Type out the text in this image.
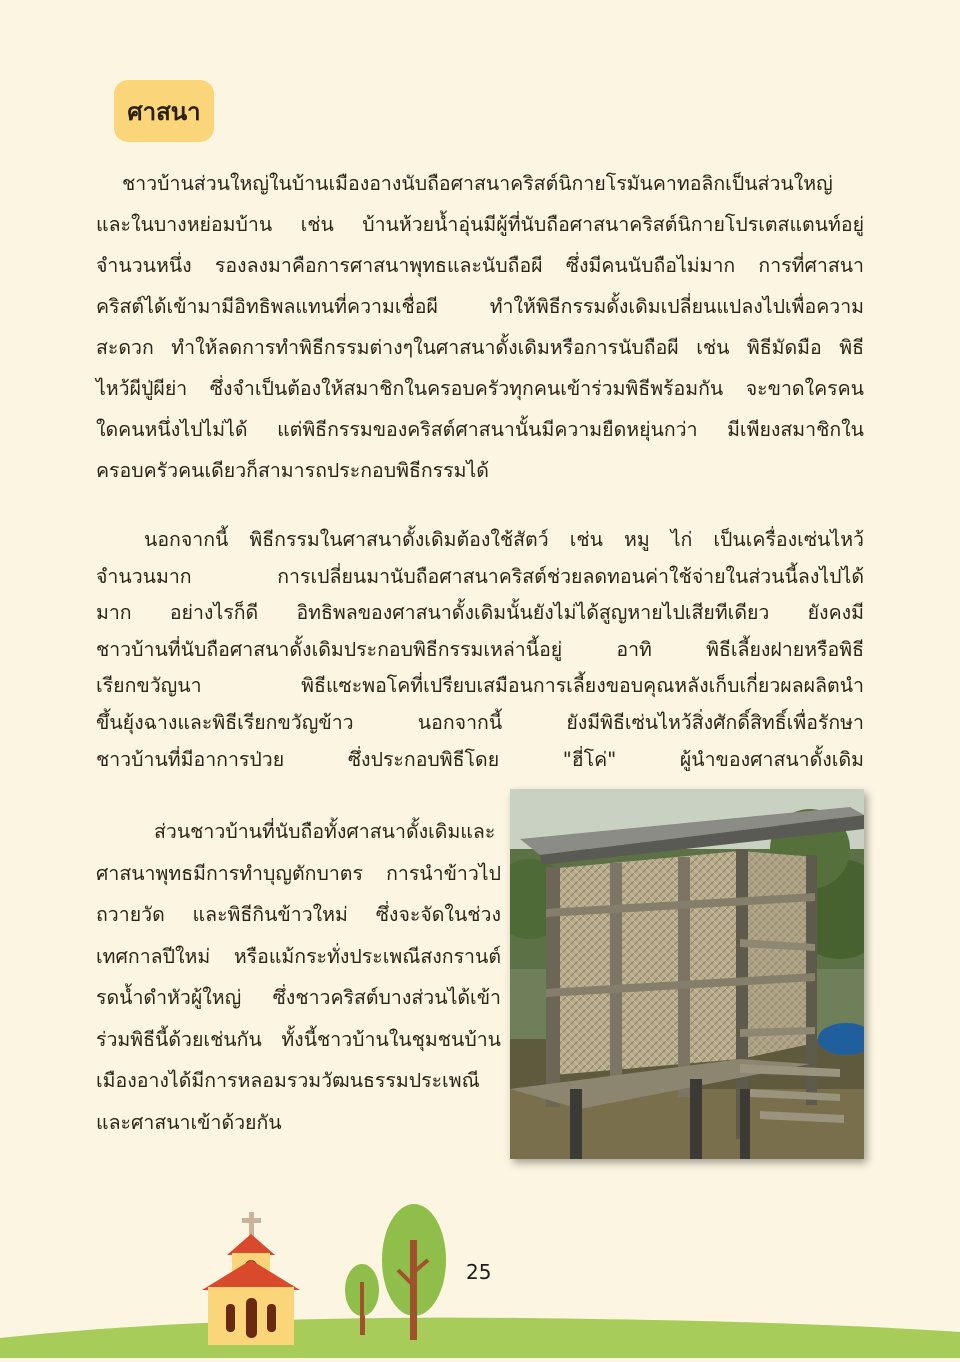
ศาสนา
ชาวบ้านส่วนใหญ่ในบ้านเมืองอางนับถือศาสนาคริสต์นิกายโรมันคาทอลิกเป็นส่วนใหญ่
และในบางหย่อมบ้าน เช่น บ้านห้วยน้ำอุ่นมีผู้ที่นับถือศาสนาคริสต์นิกายโปรเตสแตนท์อยู่
จำนวนหนึ่ง รองลงมาคือการศาสนาพุทธและนับถือผี ซึ่งมีคนนับถือไม่มาก การที่ศาสนา
คริสต์ได้เข้ามามีอิทธิพลแทนที่ความเชื่อผี ทำให้พิธีกรรมดั้งเดิมเปลี่ยนแปลงไปเพื่อความ
สะดวก ทำให้ลดการทำพิธีกรรมต่างๆในศาสนาดั้งเดิมหรือการนับถือผี เช่น พิธีมัดมือ พิธี
ไหว้ผีปู่ผีย่า ซึ่งจำเป็นต้องให้สมาชิกในครอบครัวทุกคนเข้าร่วมพิธีพร้อมกัน จะขาดใครคน
ใดคนหนึ่งไปไม่ได้ แต่พิธีกรรมของคริสต์ศาสนานั้นมีความยืดหยุ่นกว่า มีเพียงสมาชิกใน
ครอบครัวคนเดียวก็สามารถประกอบพิธีกรรมได้
นอกจากนี้ พิธีกรรมในศาสนาดั้งเดิมต้องใช้สัตว์ เช่น หมู ไก่ เป็นเครื่องเซ่นไหว้
จำนวนมาก การเปลี่ยนมานับถือศาสนาคริสต์ช่วยลดทอนค่าใช้จ่ายในส่วนนี้ลงไปได้
มาก อย่างไรก็ดี อิทธิพลของศาสนาดั้งเดิมนั้นยังไม่ได้สูญหายไปเสียทีเดียว ยังคงมี
ชาวบ้านที่นับถือศาสนาดั้งเดิมประกอบพิธีกรรมเหล่านี้อยู่ อาทิ พิธีเลี้ยงฝายหรือพิธี
เรียกขวัญนา พิธีแซะพอโคที่เปรียบเสมือนการเลี้ยงขอบคุณหลังเก็บเกี่ยวผลผลิตนำ
ขึ้นยุ้งฉางและพิธีเรียกขวัญข้าว นอกจากนี้ ยังมีพิธีเซ่นไหว้สิ่งศักดิ์สิทธิ์เพื่อรักษา
ชาวบ้านที่มีอาการป่วย ซึ่งประกอบพิธีโดย "ฮี่โค่" ผู้นำของศาสนาดั้งเดิม
ส่วนชาวบ้านที่นับถือทั้งศาสนาดั้งเดิมและ
ศาสนาพุทธมีการทำบุญตักบาตร การนำข้าวไป
ถวายวัด และพิธีกินข้าวใหม่ ซึ่งจะจัดในช่วง
เทศกาลปีใหม่ หรือแม้กระทั่งประเพณีสงกรานต์
รดน้ำดำหัวผู้ใหญ่ ซึ่งชาวคริสต์บางส่วนได้เข้า
ร่วมพิธีนี้ด้วยเช่นกัน ทั้งนี้ชาวบ้านในชุมชนบ้าน
เมืองอางได้มีการหลอมรวมวัฒนธรรมประเพณี
และศาสนาเข้าด้วยกัน
25
